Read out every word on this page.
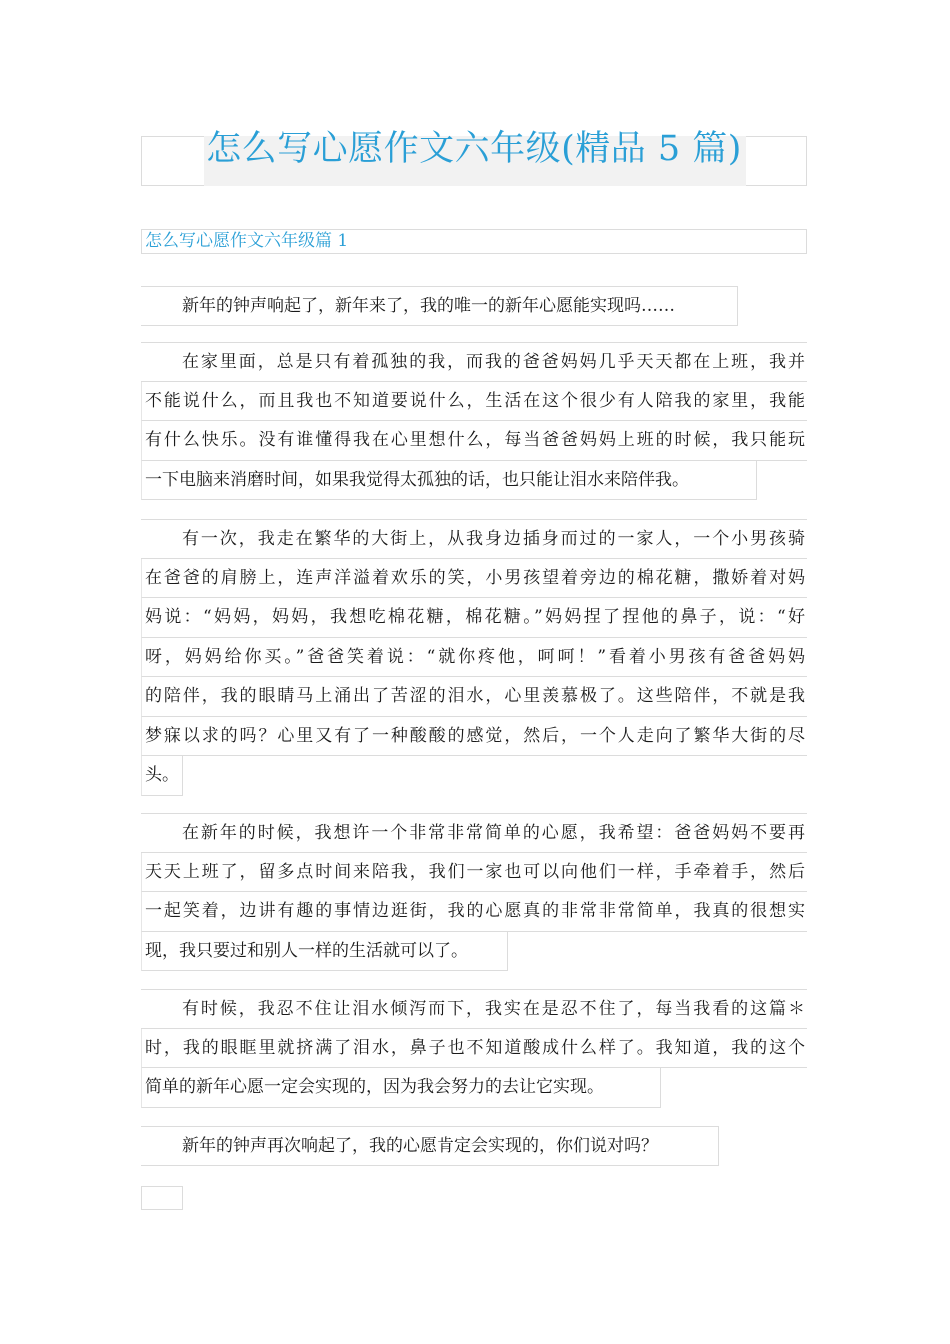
怎么写心愿作文六年级(精品 5 篇)
怎么写心愿作文六年级篇 1
新年的钟声响起了，新年来了，我的唯一的新年心愿能实现吗……
在家里面，总是只有着孤独的我，而我的爸爸妈妈几乎天天都在上班，我并
不能说什么，而且我也不知道要说什么，生活在这个很少有人陪我的家里，我能
有什么快乐。没有谁懂得我在心里想什么，每当爸爸妈妈上班的时候，我只能玩
一下电脑来消磨时间，如果我觉得太孤独的话，也只能让泪水来陪伴我。
有一次，我走在繁华的大街上，从我身边插身而过的一家人，一个小男孩骑
在爸爸的肩膀上，连声洋溢着欢乐的笑，小男孩望着旁边的棉花糖，撒娇着对妈
妈说：“妈妈，妈妈，我想吃棉花糖，棉花糖。”妈妈捏了捏他的鼻子，说：“好
呀，妈妈给你买。”爸爸笑着说：“就你疼他，呵呵！”看着小男孩有爸爸妈妈
的陪伴，我的眼睛马上涌出了苦涩的泪水，心里羡慕极了。这些陪伴，不就是我
梦寐以求的吗？心里又有了一种酸酸的感觉，然后，一个人走向了繁华大街的尽
头。
在新年的时候，我想许一个非常非常简单的心愿，我希望：爸爸妈妈不要再
天天上班了，留多点时间来陪我，我们一家也可以向他们一样，手牵着手，然后
一起笑着，边讲有趣的事情边逛街，我的心愿真的非常非常简单，我真的很想实
现，我只要过和别人一样的生活就可以了。
有时候，我忍不住让泪水倾泻而下，我实在是忍不住了，每当我看的这篇＊
时，我的眼眶里就挤满了泪水，鼻子也不知道酸成什么样了。我知道，我的这个
简单的新年心愿一定会实现的，因为我会努力的去让它实现。
新年的钟声再次响起了，我的心愿肯定会实现的，你们说对吗？
